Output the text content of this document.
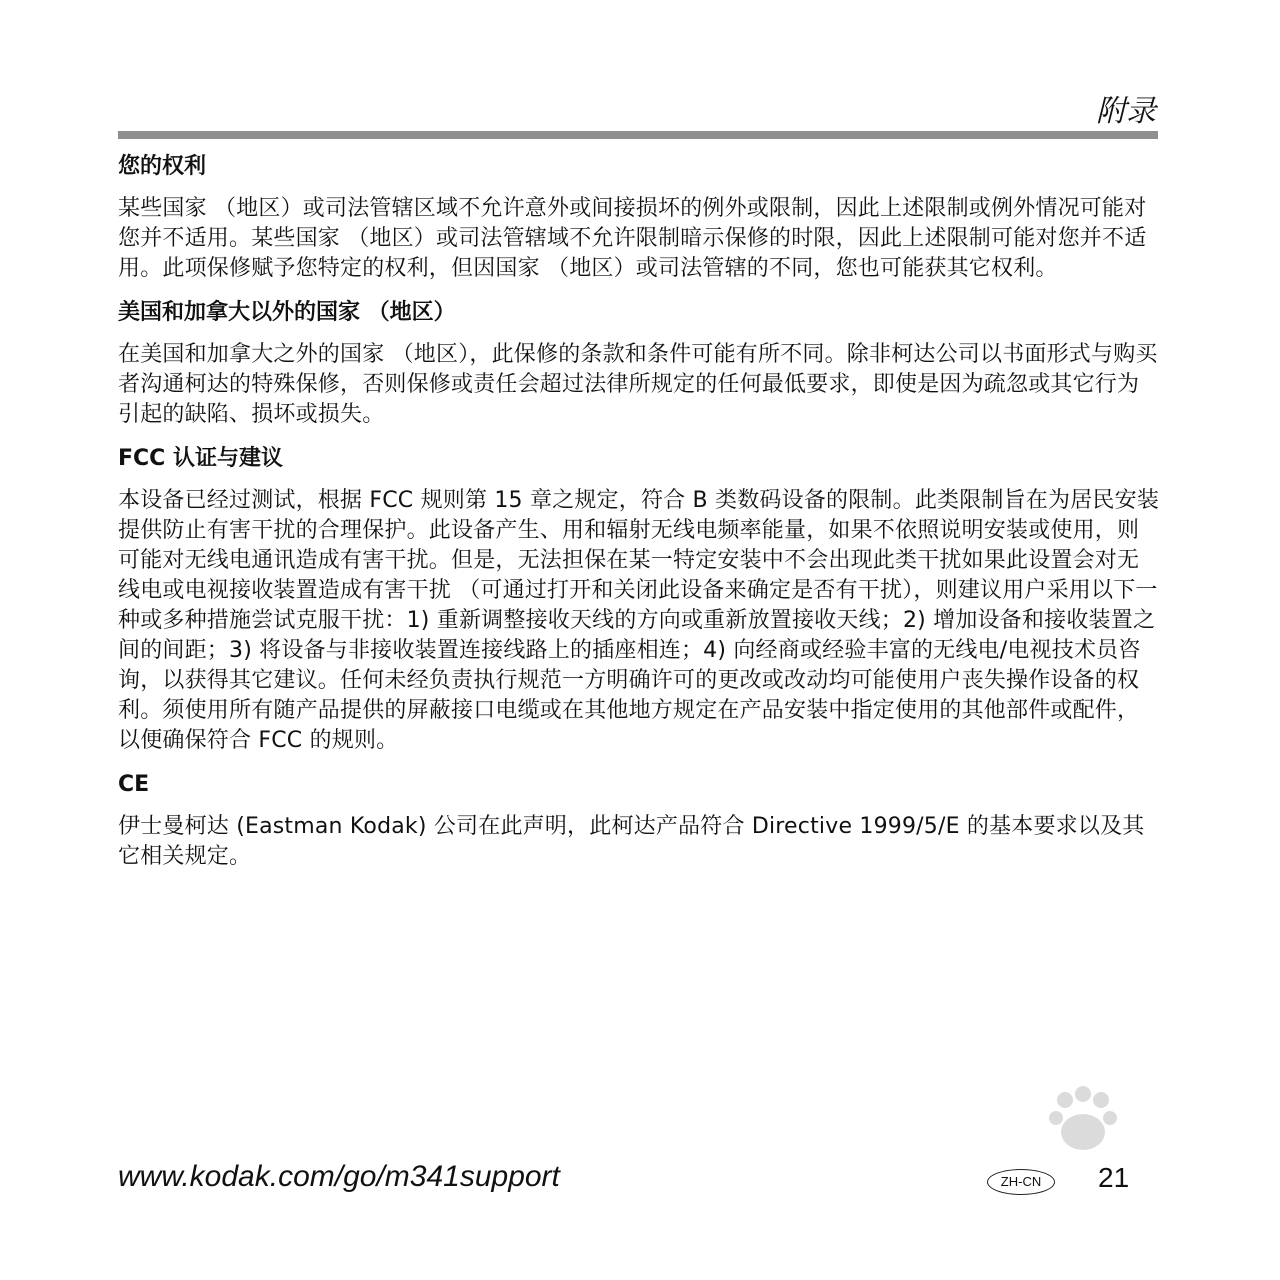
附录
您的权利

某些国家 （地区）或司法管辖区域不允许意外或间接损坏的例外或限制，因此上述限制或例外情况可能对您并不适用。某些国家 （地区）或司法管辖域不允许限制暗示保修的时限，因此上述限制可能对您并不适用。此项保修赋予您特定的权利，但因国家 （地区）或司法管辖的不同，您也可能获其它权利。

美国和加拿大以外的国家 （地区）

在美国和加拿大之外的国家 （地区），此保修的条款和条件可能有所不同。除非柯达公司以书面形式与购买者沟通柯达的特殊保修，否则保修或责任会超过法律所规定的任何最低要求，即使是因为疏忽或其它行为引起的缺陷、损坏或损失。

FCC 认证与建议

本设备已经过测试，根据 FCC 规则第 15 章之规定，符合 B 类数码设备的限制。此类限制旨在为居民安装提供防止有害干扰的合理保护。此设备产生、用和辐射无线电频率能量，如果不依照说明安装或使用，则可能对无线电通讯造成有害干扰。但是，无法担保在某一特定安装中不会出现此类干扰如果此设置会对无线电或电视接收装置造成有害干扰 （可通过打开和关闭此设备来确定是否有干扰），则建议用户采用以下一种或多种措施尝试克服干扰：1) 重新调整接收天线的方向或重新放置接收天线；2) 增加设备和接收装置之间的间距；3) 将设备与非接收装置连接线路上的插座相连；4) 向经商或经验丰富的无线电/电视技术员咨询，以获得其它建议。任何未经负责执行规范一方明确许可的更改或改动均可能使用户丧失操作设备的权利。须使用所有随产品提供的屏蔽接口电缆或在其他地方规定在产品安装中指定使用的其他部件或配件，以便确保符合 FCC 的规则。

CE

伊士曼柯达 (Eastman Kodak) 公司在此声明，此柯达产品符合 Directive 1999/5/E 的基本要求以及其它相关规定。

www.kodak.com/go/m341support	ZH-CN	21
